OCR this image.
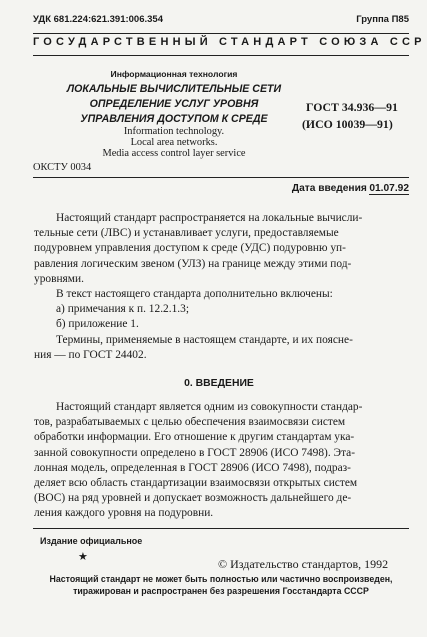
УДК 681.224:621.391:006.354	Группа П85
ГОСУДАРСТВЕННЫЙ СТАНДАРТ СОЮЗА ССР
Информационная технология
ЛОКАЛЬНЫЕ ВЫЧИСЛИТЕЛЬНЫЕ СЕТИ
ОПРЕДЕЛЕНИЕ УСЛУГ УРОВНЯ
УПРАВЛЕНИЯ ДОСТУПОМ К СРЕДЕ
Information technology.
Local area networks.
Media access control layer service
ГОСТ 34.936—91
(ИСО 10039—91)
ОКСТУ 0034
Дата введения 01.07.92
Настоящий стандарт распространяется на локальные вычисли-
тельные сети (ЛВС) и устанавливает услуги, предоставляемые
подуровнем управления доступом к среде (УДС) подуровню уп-
равления логическим звеном (УЛЗ) на границе между этими под-
уровнями.
В текст настоящего стандарта дополнительно включены:
а) примечания к п. 12.2.1.3;
б) приложение 1.
Термины, применяемые в настоящем стандарте, и их поясне-
ния — по ГОСТ 24402.
0. ВВЕДЕНИЕ
Настоящий стандарт является одним из совокупности стандар-
тов, разрабатываемых с целью обеспечения взаимосвязи систем
обработки информации. Его отношение к другим стандартам ука-
занной совокупности определено в ГОСТ 28906 (ИСО 7498). Эта-
лонная модель, определенная в ГОСТ 28906 (ИСО 7498), подраз-
деляет всю область стандартизации взаимосвязи открытых систем
(ВОС) на ряд уровней и допускает возможность дальнейшего де-
ления каждого уровня на подуровни.
Издание официальное
★	© Издательство стандартов, 1992
Настоящий стандарт не может быть полностью или частично воспроизведен,
тиражирован и распространен без разрешения Госстандарта СССР
